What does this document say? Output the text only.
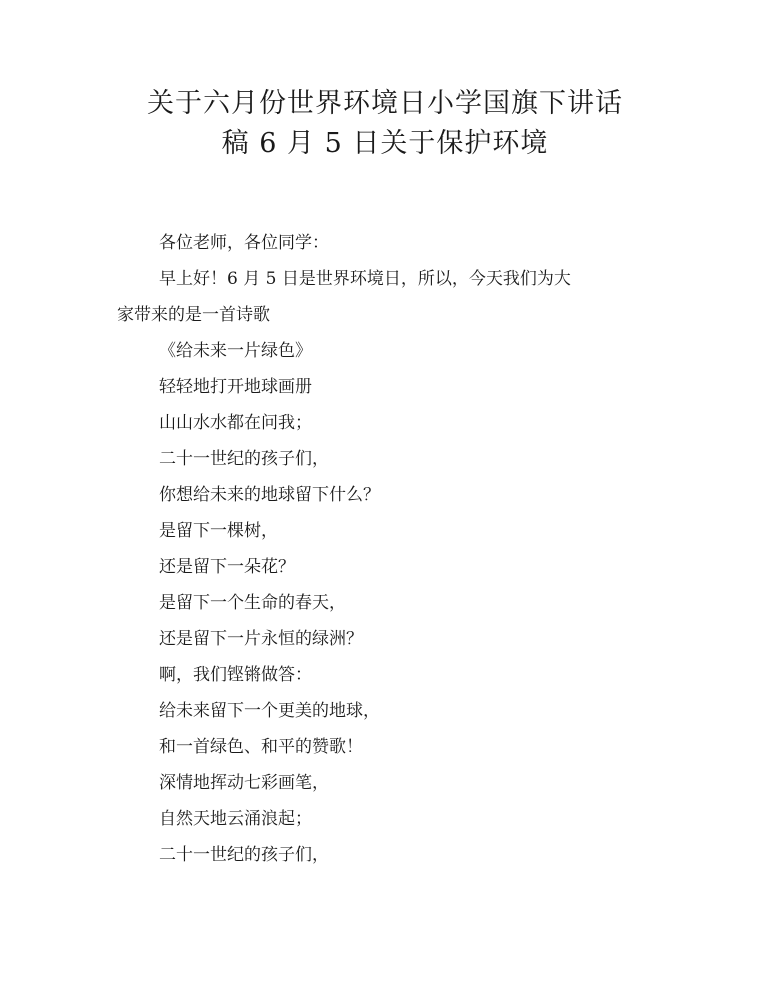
关于六月份世界环境日小学国旗下讲话
稿 6 月 5 日关于保护环境

各位老师，各位同学：

早上好！6 月 5 日是世界环境日，所以，今天我们为大

家带来的是一首诗歌

《给未来一片绿色》

轻轻地打开地球画册

山山水水都在问我；

二十一世纪的孩子们，

你想给未来的地球留下什么？

是留下一棵树，

还是留下一朵花？

是留下一个生命的春天，

还是留下一片永恒的绿洲？

啊，我们铿锵做答：

给未来留下一个更美的地球，

和一首绿色、和平的赞歌！

深情地挥动七彩画笔，

自然天地云涌浪起；

二十一世纪的孩子们，
